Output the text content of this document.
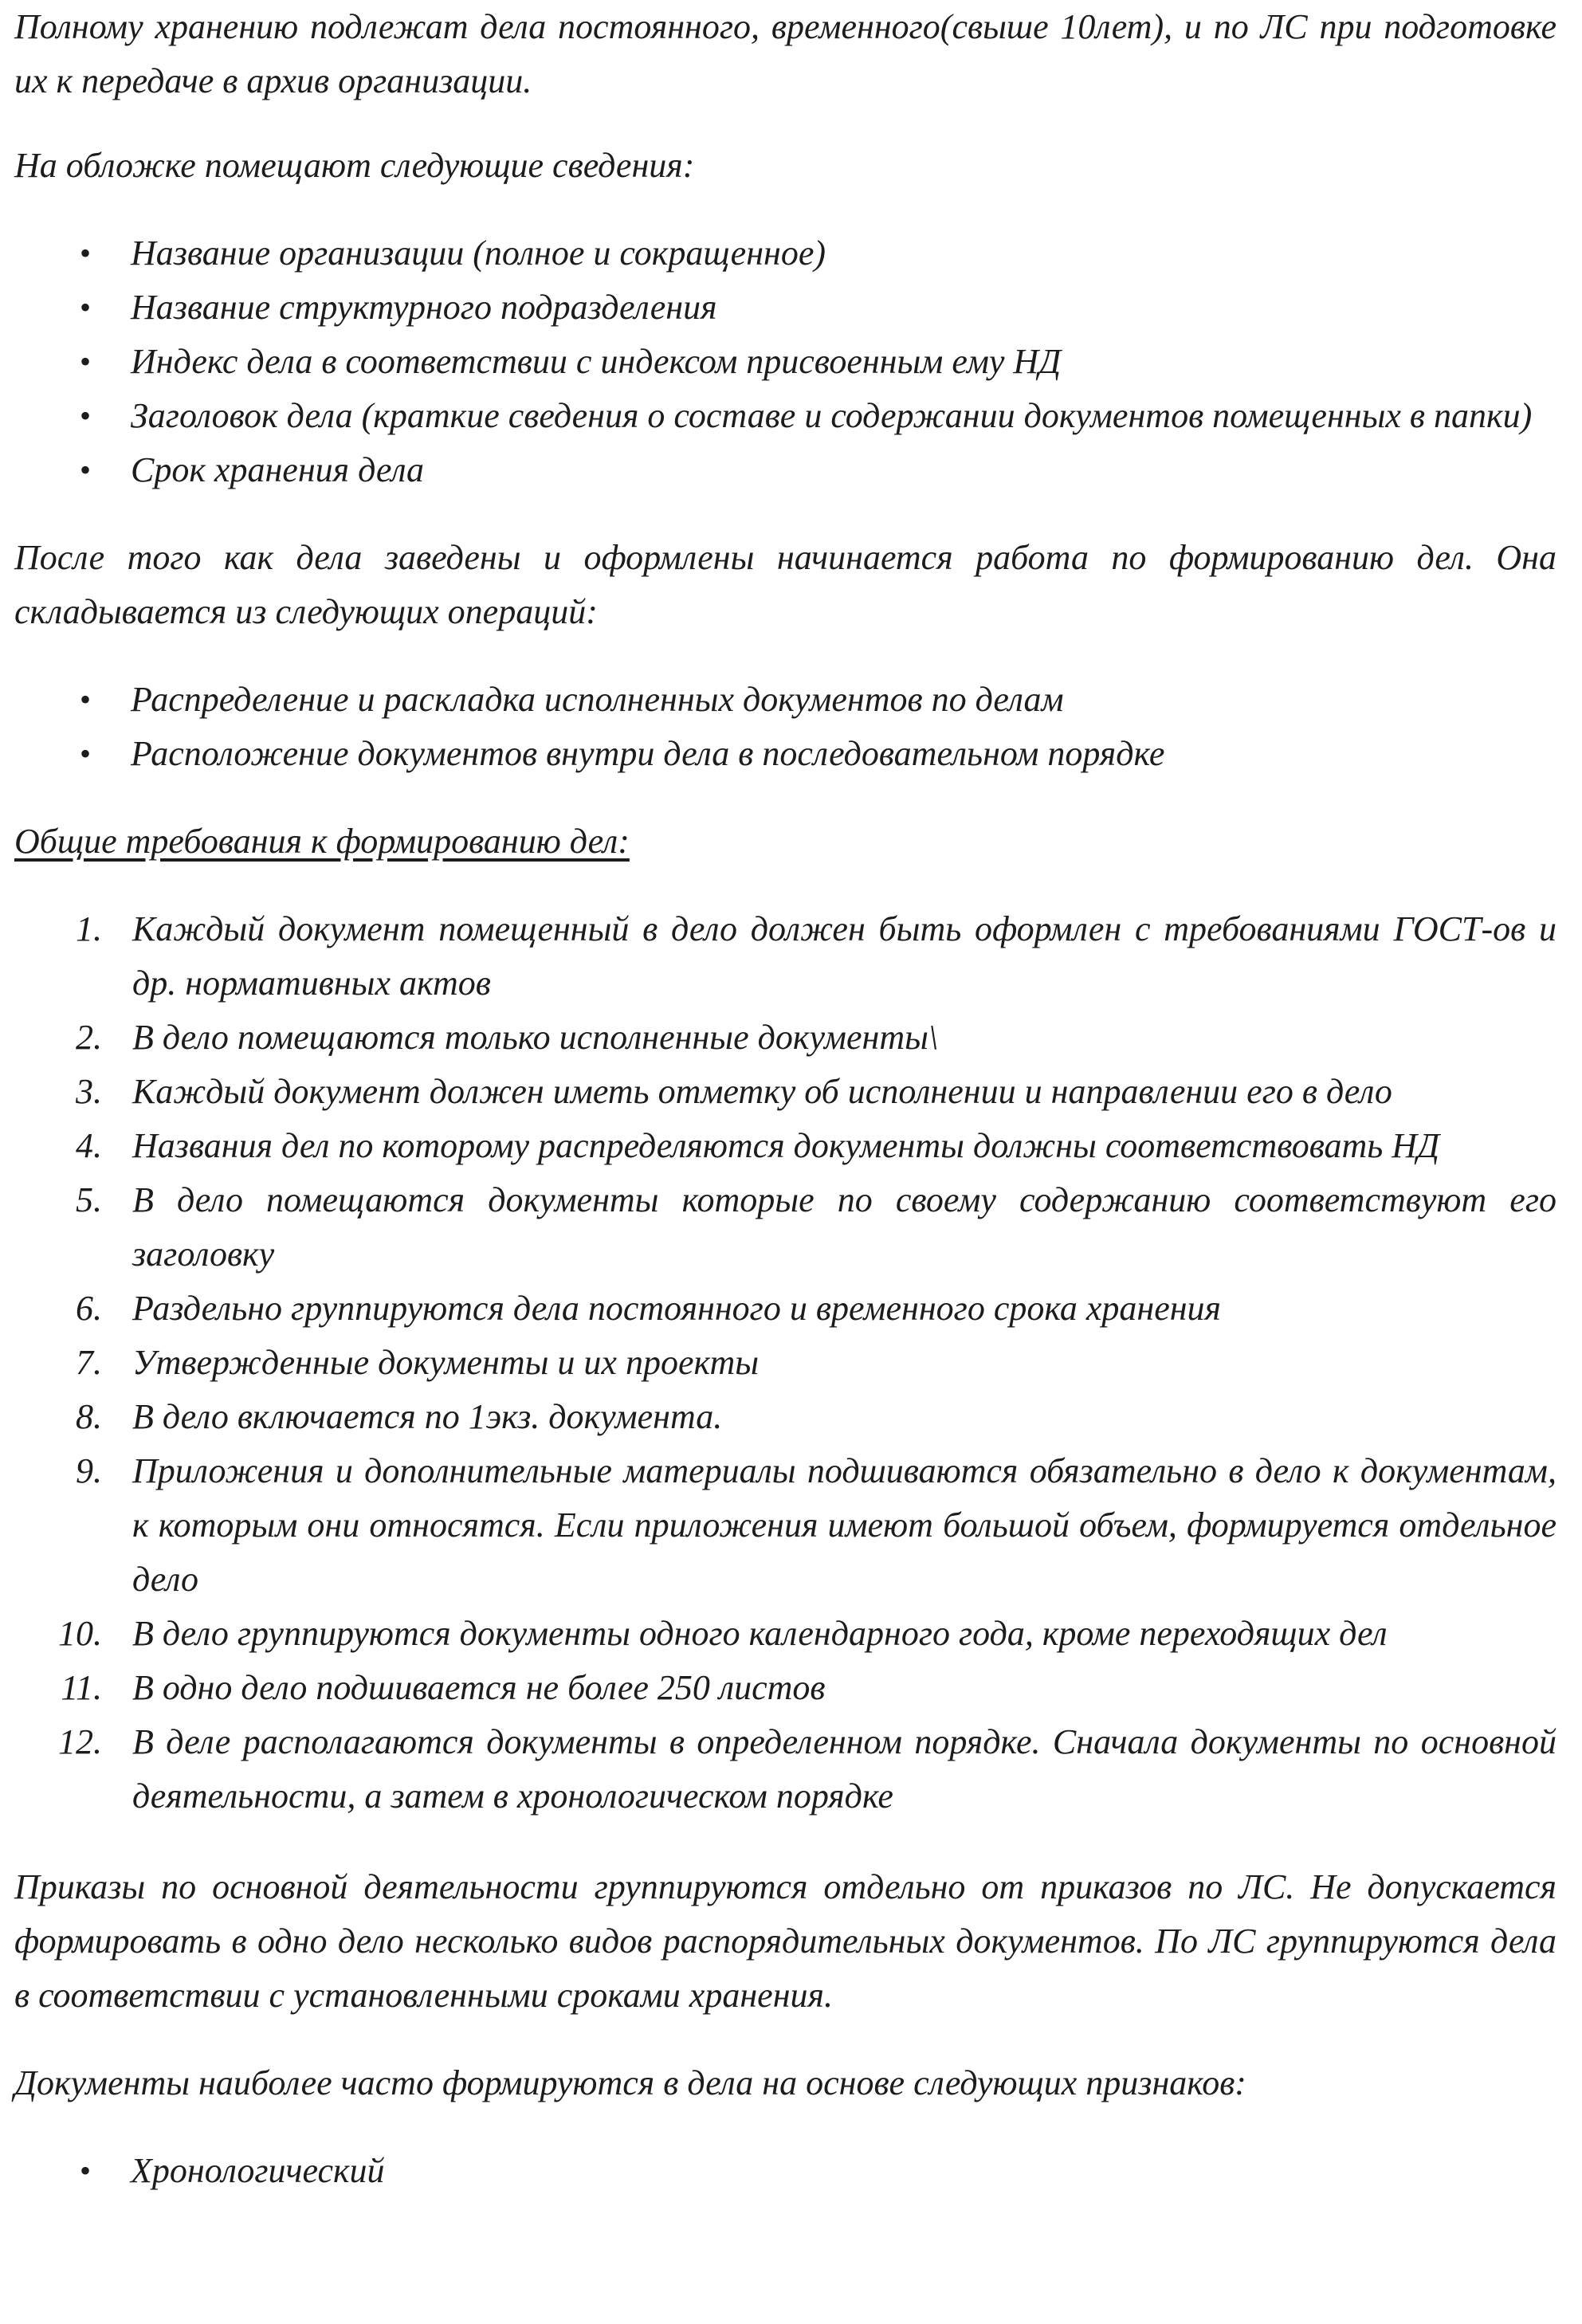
Полному хранению подлежат дела постоянного, временного(свыше 10лет), и по ЛС при подготовке их к передаче в архив организации.

На обложке помещают следующие сведения:

• Название организации (полное и сокращенное)
• Название структурного подразделения
• Индекс дела в соответствии с индексом присвоенным ему НД
• Заголовок дела (краткие сведения о составе и содержании документов помещенных в папки)
• Срок хранения дела

После того как дела заведены и оформлены начинается работа по формированию дел. Она складывается из следующих операций:

• Распределение и раскладка исполненных документов по делам
• Расположение документов внутри дела в последовательном порядке

Общие требования к формированию дел:

1. Каждый документ помещенный в дело должен быть оформлен с требованиями ГОСТ-ов и др. нормативных актов
2. В дело помещаются только исполненные документы\
3. Каждый документ должен иметь отметку об исполнении и направлении его в дело
4. Названия дел по которому распределяются документы должны соответствовать НД
5. В дело помещаются документы которые по своему содержанию соответствуют его заголовку
6. Раздельно группируются дела постоянного и временного срока хранения
7. Утвержденные документы и их проекты
8. В дело включается по 1экз. документа.
9. Приложения и дополнительные материалы подшиваются обязательно в дело к документам, к которым они относятся. Если приложения имеют большой объем, формируется отдельное дело
10. В дело группируются документы одного календарного года, кроме переходящих дел
11. В одно дело подшивается не более 250 листов
12. В деле располагаются документы в определенном порядке. Сначала документы по основной деятельности, а затем в хронологическом порядке

Приказы по основной деятельности группируются отдельно от приказов по ЛС. Не допускается формировать в одно дело несколько видов распорядительных документов. По ЛС группируются дела в соответствии с установленными сроками хранения.

Документы наиболее часто формируются в дела на основе следующих признаков:

• Хронологический
